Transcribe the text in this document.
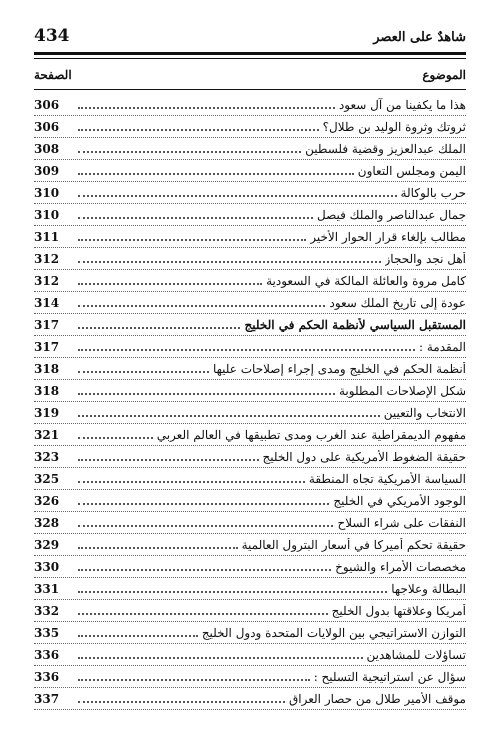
434	شاهدٌ على العصر
الصفحة	الموضوع
306	هذا ما يكفينا من آل سعود
306	ثروتك وثروة الوليد بن طلال؟
308	الملك عبدالعزيز وقضية فلسطين
309	اليمن ومجلس التعاون
310	حرب بالوكالة
310	جمال عبدالناصر والملك فيصل
311	مطالب بإلغاء قرار الحوار الأخير
312	أهل نجد والحجاز
312	كامل مروة والعائلة المالكة في السعودية
314	عودة إلى تاريخ الملك سعود
317	المستقبل السياسي لأنظمة الحكم في الخليج
317	المقدمة :
318	أنظمة الحكم في الخليج ومدى إجراء إصلاحات عليها
318	شكل الإصلاحات المطلوبة
319	الانتخاب والتعيين
321	مفهوم الديمقراطية عند الغرب ومدى تطبيقها في العالم العربي
323	حقيقة الضغوط الأمريكية على دول الخليج
325	السياسة الأمريكية تجاه المنطقة
326	الوجود الأمريكي في الخليج
328	النفقات على شراء السلاح
329	حقيقة تحكم أميركا في أسعار البترول العالمية
330	مخصصات الأمراء والشيوخ
331	البطالة وعلاجها
332	أمريكا وعلاقتها بدول الخليج
335	التوازن الاستراتيجي بين الولايات المتحدة ودول الخليج
336	تساؤلات للمشاهدين
336	سؤال عن استراتيجية التسليح :
337	موقف الأمير طلال من حصار العراق
